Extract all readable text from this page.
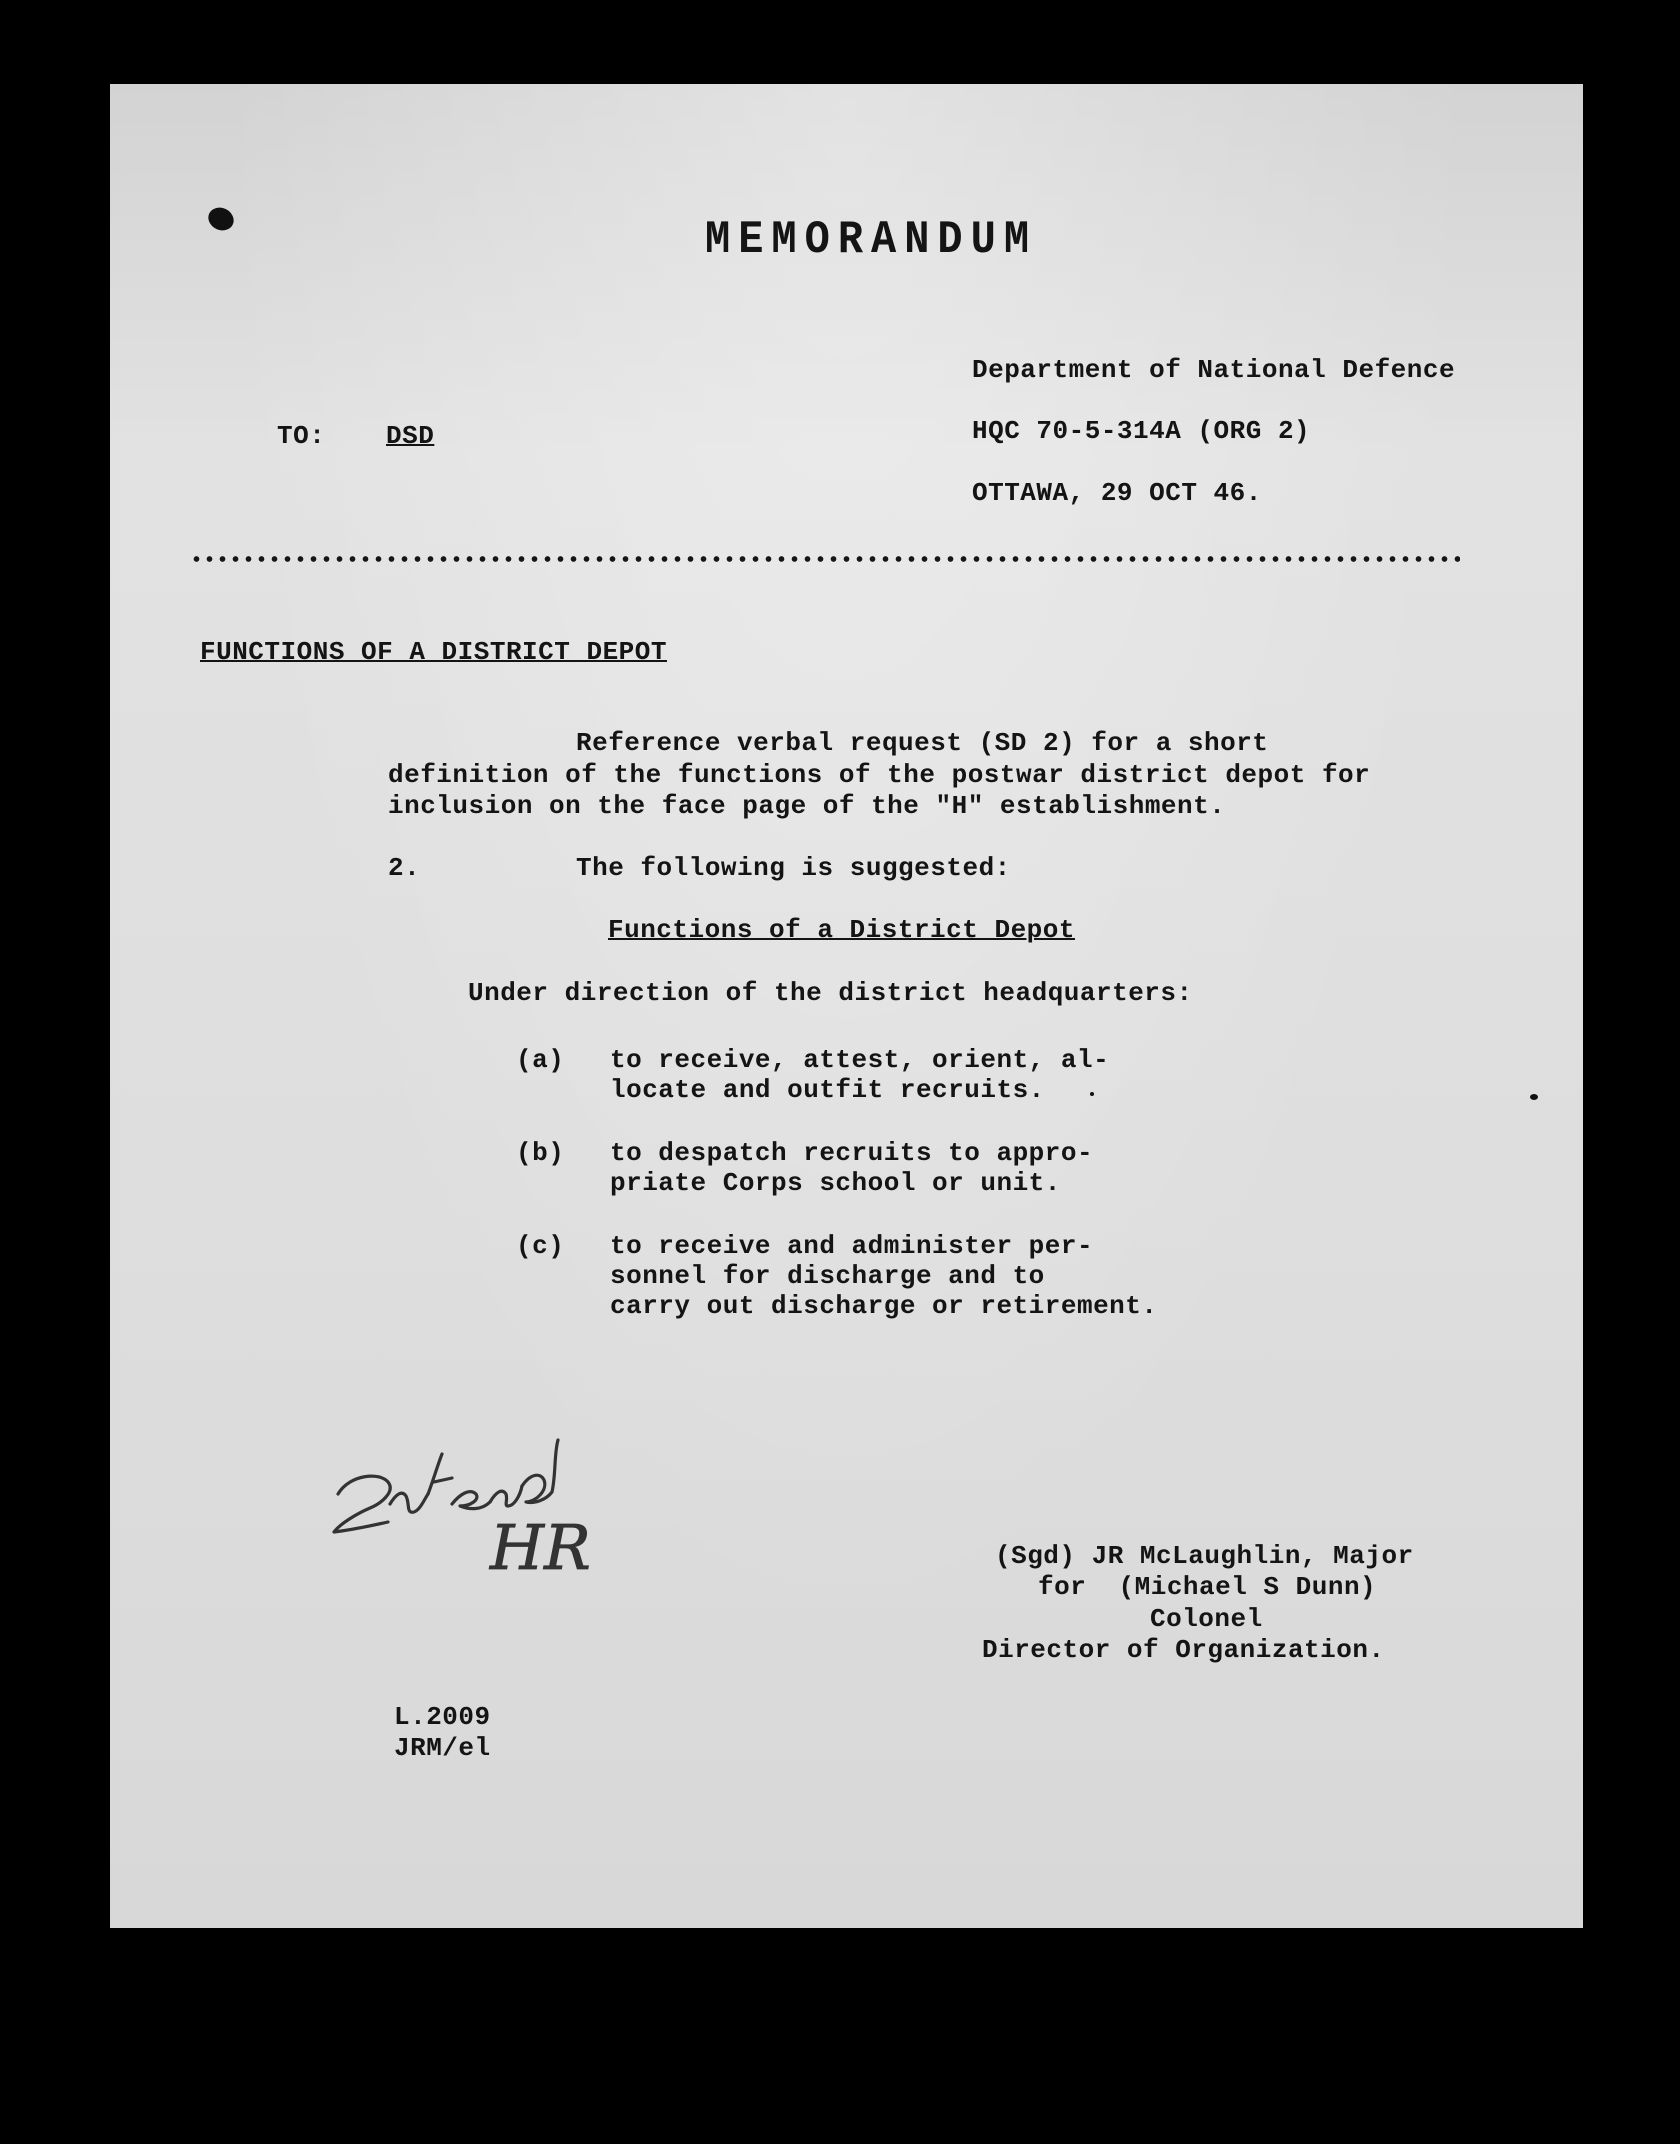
MEMORANDUM
Department of National Defence
HQC 70-5-314A (ORG 2)
OTTAWA, 29 OCT 46.
TO: DSD
FUNCTIONS OF A DISTRICT DEPOT
Reference verbal request (SD 2) for a short
definition of the functions of the postwar district depot for
inclusion on the face page of the "H" establishment.
2.	The following is suggested:
Functions of a District Depot
Under direction of the district headquarters:
(a) to receive, attest, orient, al-
locate and outfit recruits.
(b) to despatch recruits to appro-
priate Corps school or unit.
(c) to receive and administer per-
sonnel for discharge and to
carry out discharge or retirement.
HR	(Sgd) JR McLaughlin, Major
for  (Michael S Dunn)
Colonel
Director of Organization.
L.2009
JRM/el
